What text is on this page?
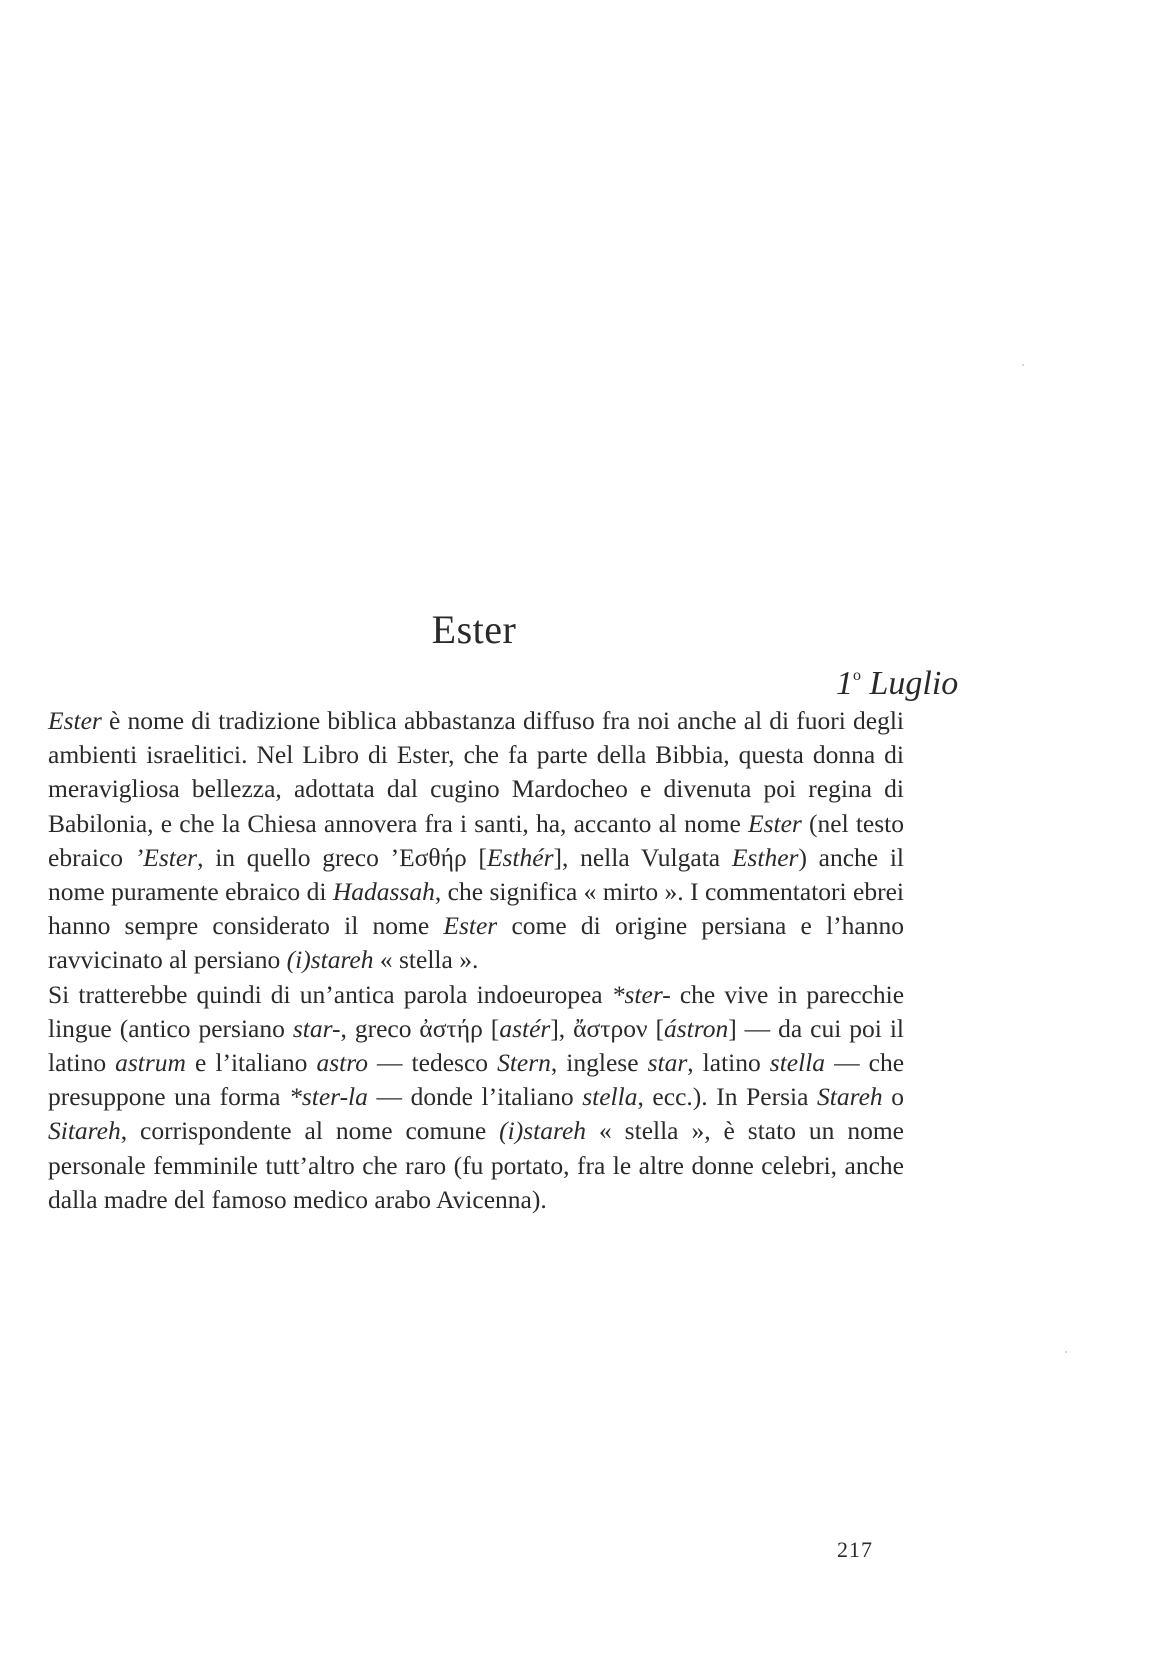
Ester
1$^o$ Luglio

Ester è nome di tradizione biblica abbastanza diffuso fra noi anche al di fuori degli ambienti israelitici. Nel Libro di Ester, che fa parte della Bibbia, questa donna di meravigliosa bellezza, adottata dal cugino Mardocheo e divenuta poi regina di Babilonia, e che la Chiesa annovera fra i santi, ha, accanto al nome Ester (nel testo ebraico ’Ester, in quello greco ’Εσθήρ [Esthér], nella Vulgata Esther) anche il nome puramente ebraico di Hadassah, che significa « mirto ». I commentatori ebrei hanno sempre considerato il nome Ester come di origine persiana e l’hanno ravvicinato al persiano (i)stareh « stella ».

Si tratterebbe quindi di un’antica parola indoeuropea *ster- che vive in parecchie lingue (antico persiano star-, greco ἀστήρ [astér], ἄστρον [ástron] — da cui poi il latino astrum e l’italiano astro — tedesco Stern, inglese star, latino stella — che presuppone una forma *ster-la — donde l’italiano stella, ecc.). In Persia Stareh o Sitareh, corrispondente al nome comune (i)stareh « stella », è stato un nome personale femminile tutt’altro che raro (fu portato, fra le altre donne celebri, anche dalla madre del famoso medico arabo Avicenna).

217
